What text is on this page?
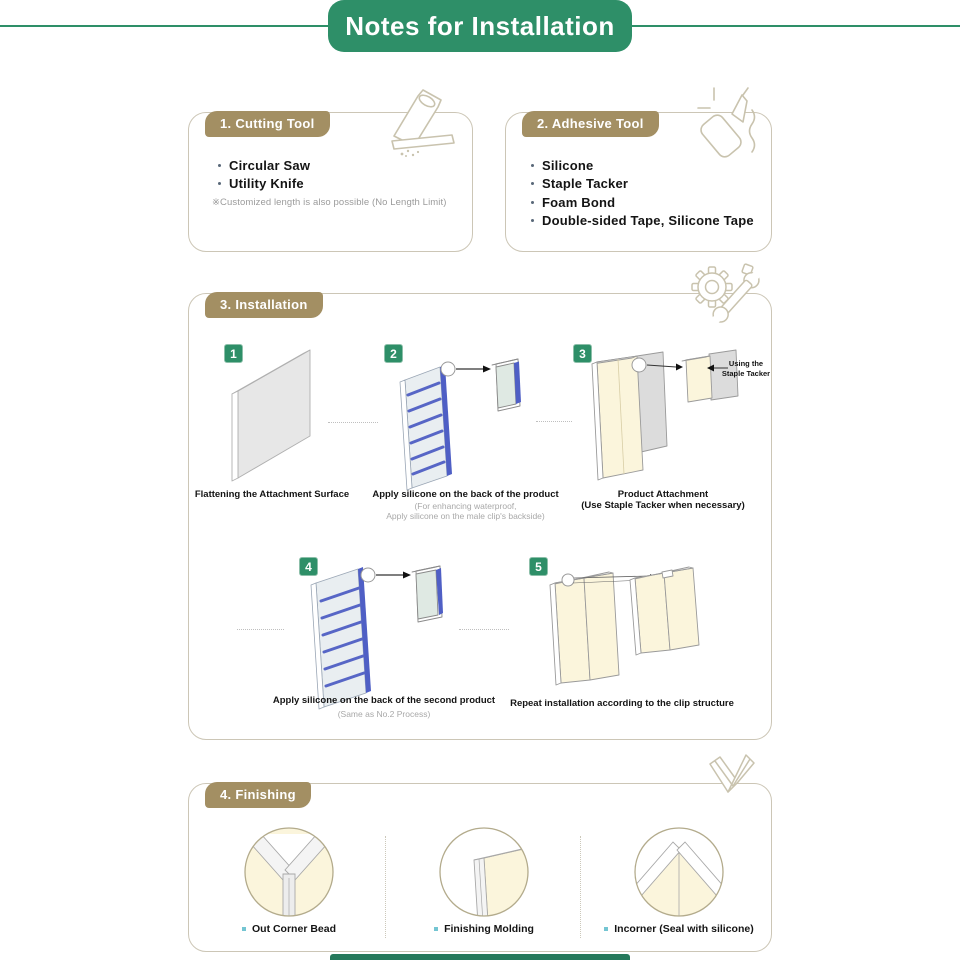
Notes for Installation
1. Cutting Tool
Circular Saw
Utility Knife
※Customized length is also possible (No Length Limit)
2. Adhesive Tool
Silicone
Staple Tacker
Foam Bond
Double-sided Tape, Silicone Tape
3. Installation
1	2	3
4	5
Flattening the Attachment Surface	Apply silicone on the back of the product
(For enhancing waterproof,
Apply silicone on the male clip's backside)
Product Attachment
(Use Staple Tacker when necessary)
Using the
Staple Tacker
Apply silicone on the back of the second product
(Same as No.2 Process)
Repeat installation according to the clip structure
4. Finishing
Out Corner Bead	Finishing Molding	Incorner (Seal with silicone)
